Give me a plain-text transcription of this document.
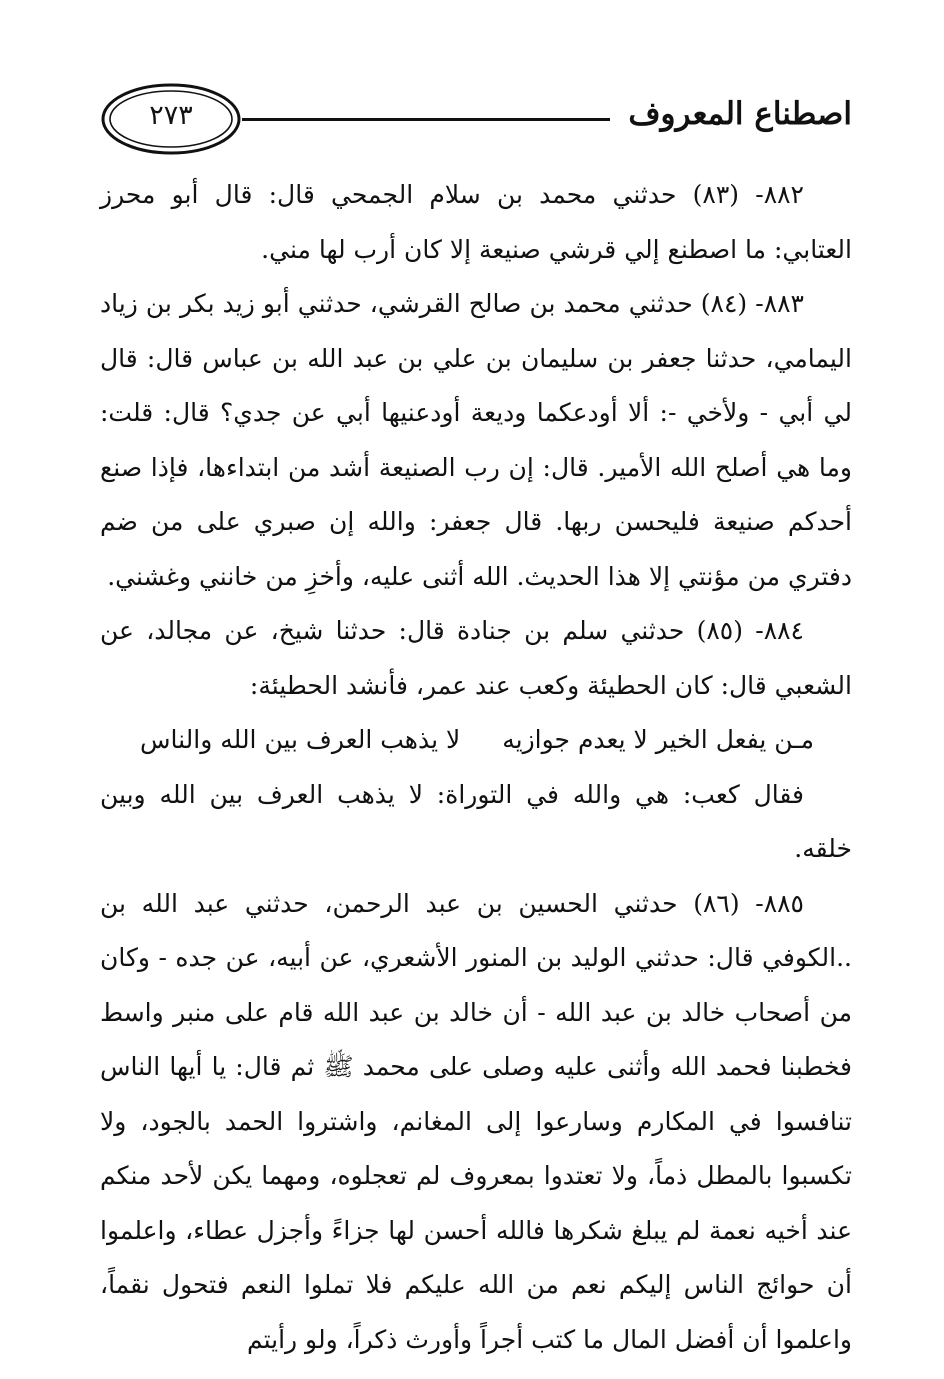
٢٧٣	اصطناع المعروف

٨٨٢- (٨٣) حدثني محمد بن سلام الجمحي قال: قال أبو محرز العتابي: ما اصطنع إلي قرشي صنيعة إلا كان أرب لها مني.

٨٨٣- (٨٤) حدثني محمد بن صالح القرشي، حدثني أبو زيد بكر بن زياد اليمامي، حدثنا جعفر بن سليمان بن علي بن عبد الله بن عباس قال: قال لي أبي - ولأخي -: ألا أودعكما وديعة أودعنيها أبي عن جدي؟ قال: قلت: وما هي أصلح الله الأمير. قال: إن رب الصنيعة أشد من ابتداءها، فإذا صنع أحدكم صنيعة فليحسن ربها. قال جعفر: والله إن صبري على من ضم دفتري من مؤنتي إلا هذا الحديث. الله أثنى عليه، وأخزِ من خانني وغشني.

٨٨٤- (٨٥) حدثني سلم بن جنادة قال: حدثنا شيخ، عن مجالد، عن الشعبي قال: كان الحطيئة وكعب عند عمر، فأنشد الحطيئة:

مـن يفعل الخير لا يعدم جوازيه
لا يذهب العرف بين الله والناس

فقال كعب: هي والله في التوراة: لا يذهب العرف بين الله وبين خلقه.

٨٨٥- (٨٦) حدثني الحسين بن عبد الرحمن، حدثني عبد الله بن ..الكوفي قال: حدثني الوليد بن المنور الأشعري، عن أبيه، عن جده - وكان من أصحاب خالد بن عبد الله - أن خالد بن عبد الله قام على منبر واسط فخطبنا فحمد الله وأثنى عليه وصلى على محمد ﷺ ثم قال: يا أيها الناس تنافسوا في المكارم وسارعوا إلى المغانم، واشتروا الحمد بالجود، ولا تكسبوا بالمطل ذماً، ولا تعتدوا بمعروف لم تعجلوه، ومهما يكن لأحد منكم عند أخيه نعمة لم يبلغ شكرها فالله أحسن لها جزاءً وأجزل عطاء، واعلموا أن حوائج الناس إليكم نعم من الله عليكم فلا تملوا النعم فتحول نقماً، واعلموا أن أفضل المال ما كتب أجراً وأورث ذكراً، ولو رأيتم
